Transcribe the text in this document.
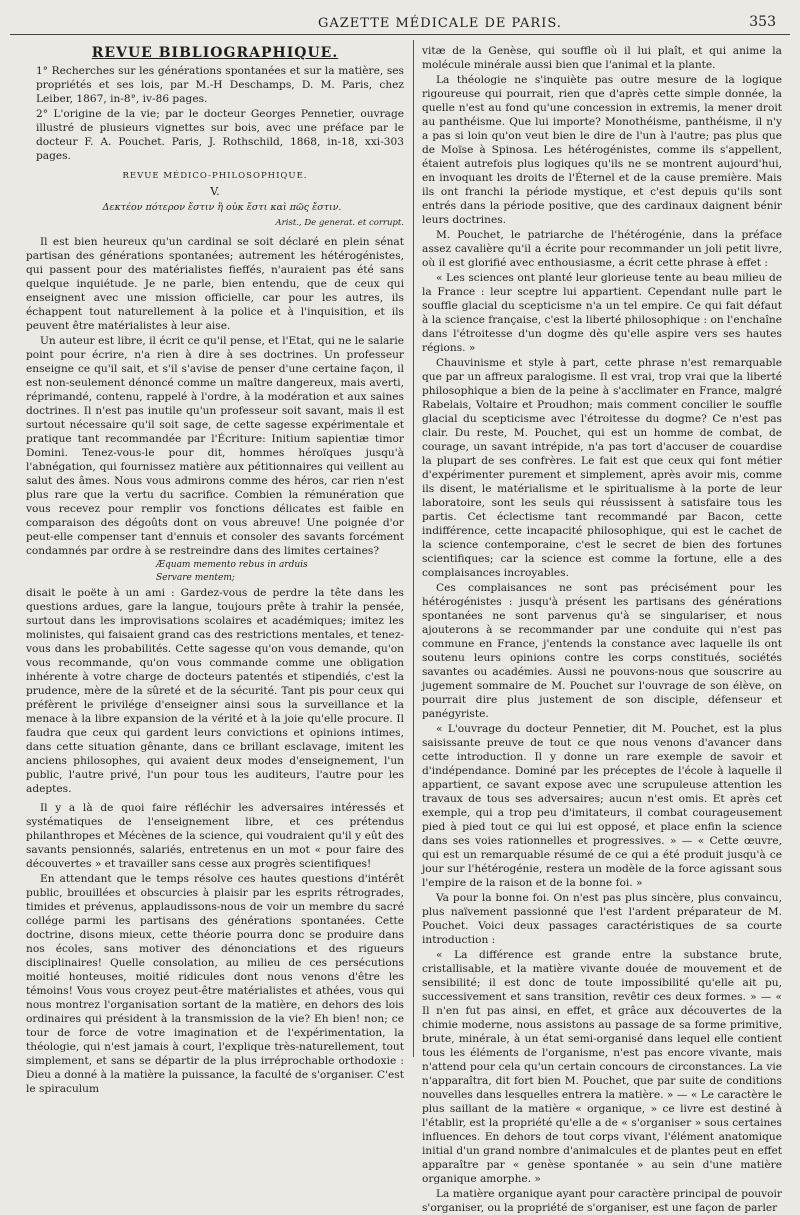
GAZETTE MÉDICALE DE PARIS.	353
REVUE BIBLIOGRAPHIQUE.

1° Recherches sur les générations spontanées et sur la matière, ses propriétés et ses lois, par M.-H Deschamps, D. M. Paris, chez Leiber, 1867, in-8°, iv-86 pages.

2° L'origine de la vie; par le docteur Georges Pennetier, ouvrage illustré de plusieurs vignettes sur bois, avec une préface par le docteur F. A. Pouchet. Paris, J. Rothschild, 1868, in-18, xxi-303 pages.

REVUE MÉDICO-PHILOSOPHIQUE.
V.

Δεκτέον πότερον ἔστιν ἢ οὐκ ἔστι καὶ πῶς ἔστιν.

Arist., De generat. et corrupt.

Il est bien heureux qu'un cardinal se soit déclaré en plein sénat partisan des générations spontanées; autrement les hétérogénistes, qui passent pour des matérialistes fieffés, n'auraient pas été sans quelque inquiétude. Je ne parle, bien entendu, que de ceux qui enseignent avec une mission officielle, car pour les autres, ils échappent tout naturellement à la police et à l'inquisition, et ils peuvent être matérialistes à leur aise.

Un auteur est libre, il écrit ce qu'il pense, et l'Etat, qui ne le salarie point pour écrire, n'a rien à dire à ses doctrines. Un professeur enseigne ce qu'il sait, et s'il s'avise de penser d'une certaine façon, il est non-seulement dénoncé comme un maître dangereux, mais averti, réprimandé, contenu, rappelé à l'ordre, à la modération et aux saines doctrines. Il n'est pas inutile qu'un professeur soit savant, mais il est surtout nécessaire qu'il soit sage, de cette sagesse expérimentale et pratique tant recommandée par l'Écriture: Initium sapientiæ timor Domini. Tenez-vous-le pour dit, hommes héroïques jusqu'à l'abnégation, qui fournissez matière aux pétitionnaires qui veillent au salut des âmes. Nous vous admirons comme des héros, car rien n'est plus rare que la vertu du sacrifice. Combien la rémunération que vous recevez pour remplir vos fonctions délicates est faible en comparaison des dégoûts dont on vous abreuve! Une poignée d'or peut-elle compenser tant d'ennuis et consoler des savants forcément condamnés par ordre à se restreindre dans des limites certaines?

Æquam memento rebus in arduis
Servare mentem;

disait le poëte à un ami : Gardez-vous de perdre la tête dans les questions ardues, gare la langue, toujours prête à trahir la pensée, surtout dans les improvisations scolaires et académiques; imitez les molinistes, qui faisaient grand cas des restrictions mentales, et tenez-vous dans les probabilités. Cette sagesse qu'on vous demande, qu'on vous recommande, qu'on vous commande comme une obligation inhérente à votre charge de docteurs patentés et stipendiés, c'est la prudence, mère de la sûreté et de la sécurité. Tant pis pour ceux qui préfèrent le privilége d'enseigner ainsi sous la surveillance et la menace à la libre expansion de la vérité et à la joie qu'elle procure. Il faudra que ceux qui gardent leurs convictions et opinions intimes, dans cette situation gênante, dans ce brillant esclavage, imitent les anciens philosophes, qui avaient deux modes d'enseignement, l'un public, l'autre privé, l'un pour tous les auditeurs, l'autre pour les adeptes.

Il y a là de quoi faire réfléchir les adversaires intéressés et systématiques de l'enseignement libre, et ces prétendus philanthropes et Mécènes de la science, qui voudraient qu'il y eût des savants pensionnés, salariés, entretenus en un mot « pour faire des découvertes » et travailler sans cesse aux progrès scientifiques!

En attendant que le temps résolve ces hautes questions d'intérêt public, brouillées et obscurcies à plaisir par les esprits rétrogrades, timides et prévenus, applaudissons-nous de voir un membre du sacré collége parmi les partisans des générations spontanées. Cette doctrine, disons mieux, cette théorie pourra donc se produire dans nos écoles, sans motiver des dénonciations et des rigueurs disciplinaires! Quelle consolation, au milieu de ces persécutions moitié honteuses, moitié ridicules dont nous venons d'être les témoins! Vous vous croyez peut-être matérialistes et athées, vous qui nous montrez l'organisation sortant de la matière, en dehors des lois ordinaires qui président à la transmission de la vie? Eh bien! non; ce tour de force de votre imagination et de l'expérimentation, la théologie, qui n'est jamais à court, l'explique très-naturellement, tout simplement, et sans se départir de la plus irréprochable orthodoxie : Dieu a donné à la matière la puissance, la faculté de s'organiser. C'est le spiraculum

vitæ de la Genèse, qui souffle où il lui plaît, et qui anime la molécule minérale aussi bien que l'animal et la plante.

La théologie ne s'inquiète pas outre mesure de la logique rigoureuse qui pourrait, rien que d'après cette simple donnée, la quelle n'est au fond qu'une concession in extremis, la mener droit au panthéisme. Que lui importe? Monothéisme, panthéisme, il n'y a pas si loin qu'on veut bien le dire de l'un à l'autre; pas plus que de Moïse à Spinosa. Les hétérogénistes, comme ils s'appellent, étaient autrefois plus logiques qu'ils ne se montrent aujourd'hui, en invoquant les droits de l'Éternel et de la cause première. Mais ils ont franchi la période mystique, et c'est depuis qu'ils sont entrés dans la période positive, que des cardinaux daignent bénir leurs doctrines.

M. Pouchet, le patriarche de l'hétérogénie, dans la préface assez cavalière qu'il a écrite pour recommander un joli petit livre, où il est glorifié avec enthousiasme, a écrit cette phrase à effet :

« Les sciences ont planté leur glorieuse tente au beau milieu de la France : leur sceptre lui appartient. Cependant nulle part le souffle glacial du scepticisme n'a un tel empire. Ce qui fait défaut à la science française, c'est la liberté philosophique : on l'enchaîne dans l'étroitesse d'un dogme dès qu'elle aspire vers ses hautes régions. »

Chauvinisme et style à part, cette phrase n'est remarquable que par un affreux paralogisme. Il est vrai, trop vrai que la liberté philosophique a bien de la peine à s'acclimater en France, malgré Rabelais, Voltaire et Proudhon; mais comment concilier le souffle glacial du scepticisme avec l'étroitesse du dogme? Ce n'est pas clair. Du reste, M. Pouchet, qui est un homme de combat, de courage, un savant intrépide, n'a pas tort d'accuser de couardise la plupart de ses confrères. Le fait est que ceux qui font métier d'expérimenter purement et simplement, après avoir mis, comme ils disent, le matérialisme et le spiritualisme à la porte de leur laboratoire, sont les seuls qui réussissent à satisfaire tous les partis. Cet éclectisme tant recommandé par Bacon, cette indifférence, cette incapacité philosophique, qui est le cachet de la science contemporaine, c'est le secret de bien des fortunes scientifiques; car la science est comme la fortune, elle a des complaisances incroyables.

Ces complaisances ne sont pas précisément pour les hétérogénistes : jusqu'à présent les partisans des générations spontanées ne sont parvenus qu'à se singulariser, et nous ajouterons à se recommander par une conduite qui n'est pas commune en France, j'entends la constance avec laquelle ils ont soutenu leurs opinions contre les corps constitués, sociétés savantes ou académies. Aussi ne pouvons-nous que souscrire au jugement sommaire de M. Pouchet sur l'ouvrage de son élève, on pourrait dire plus justement de son disciple, défenseur et panégyriste.

« L'ouvrage du docteur Pennetier, dit M. Pouchet, est la plus saisissante preuve de tout ce que nous venons d'avancer dans cette introduction. Il y donne un rare exemple de savoir et d'indépendance. Dominé par les préceptes de l'école à laquelle il appartient, ce savant expose avec une scrupuleuse attention les travaux de tous ses adversaires; aucun n'est omis. Et après cet exemple, qui a trop peu d'imitateurs, il combat courageusement pied à pied tout ce qui lui est opposé, et place enfin la science dans ses voies rationnelles et progressives. » — « Cette œuvre, qui est un remarquable résumé de ce qui a été produit jusqu'à ce jour sur l'hétérogénie, restera un modèle de la force agissant sous l'empire de la raison et de la bonne foi. »

Va pour la bonne foi. On n'est pas plus sincère, plus convaincu, plus naïvement passionné que l'est l'ardent préparateur de M. Pouchet. Voici deux passages caractéristiques de sa courte introduction :

« La différence est grande entre la substance brute, cristallisable, et la matière vivante douée de mouvement et de sensibilité; il est donc de toute impossibilité qu'elle ait pu, successivement et sans transition, revêtir ces deux formes. » — « Il n'en fut pas ainsi, en effet, et grâce aux découvertes de la chimie moderne, nous assistons au passage de sa forme primitive, brute, minérale, à un état semi-organisé dans lequel elle contient tous les éléments de l'organisme, n'est pas encore vivante, mais n'attend pour cela qu'un certain concours de circonstances. La vie n'apparaîtra, dit fort bien M. Pouchet, que par suite de conditions nouvelles dans lesquelles entrera la matière. » — « Le caractère le plus saillant de la matière « organique, » ce livre est destiné à l'établir, est la propriété qu'elle a de « s'organiser » sous certaines influences. En dehors de tout corps vivant, l'élément anatomique initial d'un grand nombre d'animalcules et de plantes peut en effet apparaître par « genèse spontanée » au sein d'une matière organique amorphe. »

La matière organique ayant pour caractère principal de pouvoir s'organiser, ou la propriété de s'organiser, est une façon de parler
